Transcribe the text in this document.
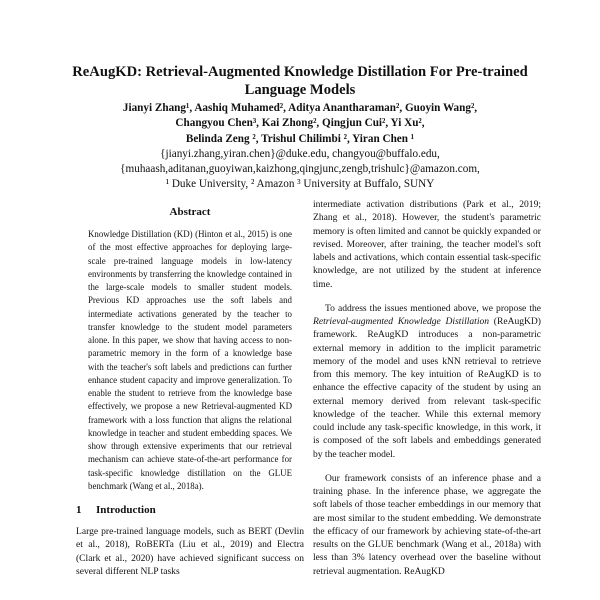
ReAugKD: Retrieval-Augmented Knowledge Distillation For Pre-trained
Language Models
Jianyi Zhang¹, Aashiq Muhamed², Aditya Anantharaman², Guoyin Wang²,
Changyou Chen³, Kai Zhong², Qingjun Cui², Yi Xu²,
Belinda Zeng ², Trishul Chilimbi ², Yiran Chen ¹
{jianyi.zhang,yiran.chen}@duke.edu, changyou@buffalo.edu,
{muhaash,aditanan,guoyiwan,kaizhong,qingjunc,zengb,trishulc}@amazon.com,
¹ Duke University, ² Amazon ³ University at Buffalo, SUNY
Abstract

Knowledge Distillation (KD) (Hinton et al., 2015) is one of the most effective approaches for deploying large-scale pre-trained language models in low-latency environments by transferring the knowledge contained in the large-scale models to smaller student models. Previous KD approaches use the soft labels and intermediate activations generated by the teacher to transfer knowledge to the student model parameters alone. In this paper, we show that having access to non-parametric memory in the form of a knowledge base with the teacher's soft labels and predictions can further enhance student capacity and improve generalization. To enable the student to retrieve from the knowledge base effectively, we propose a new Retrieval-augmented KD framework with a loss function that aligns the relational knowledge in teacher and student embedding spaces. We show through extensive experiments that our retrieval mechanism can achieve state-of-the-art performance for task-specific knowledge distillation on the GLUE benchmark (Wang et al., 2018a).

1 Introduction

Large pre-trained language models, such as BERT (Devlin et al., 2018), RoBERTa (Liu et al., 2019) and Electra (Clark et al., 2020) have achieved significant success on several different NLP tasks

intermediate activation distributions (Park et al., 2019; Zhang et al., 2018). However, the student's parametric memory is often limited and cannot be quickly expanded or revised. Moreover, after training, the teacher model's soft labels and activations, which contain essential task-specific knowledge, are not utilized by the student at inference time.

To address the issues mentioned above, we propose the Retrieval-augmented Knowledge Distillation (ReAugKD) framework. ReAugKD introduces a non-parametric external memory in addition to the implicit parametric memory of the model and uses kNN retrieval to retrieve from this memory. The key intuition of ReAugKD is to enhance the effective capacity of the student by using an external memory derived from relevant task-specific knowledge of the teacher. While this external memory could include any task-specific knowledge, in this work, it is composed of the soft labels and embeddings generated by the teacher model.

Our framework consists of an inference phase and a training phase. In the inference phase, we aggregate the soft labels of those teacher embeddings in our memory that are most similar to the student embedding. We demonstrate the efficacy of our framework by achieving state-of-the-art results on the GLUE benchmark (Wang et al., 2018a) with less than 3% latency overhead over the baseline without retrieval augmentation. ReAugKD
